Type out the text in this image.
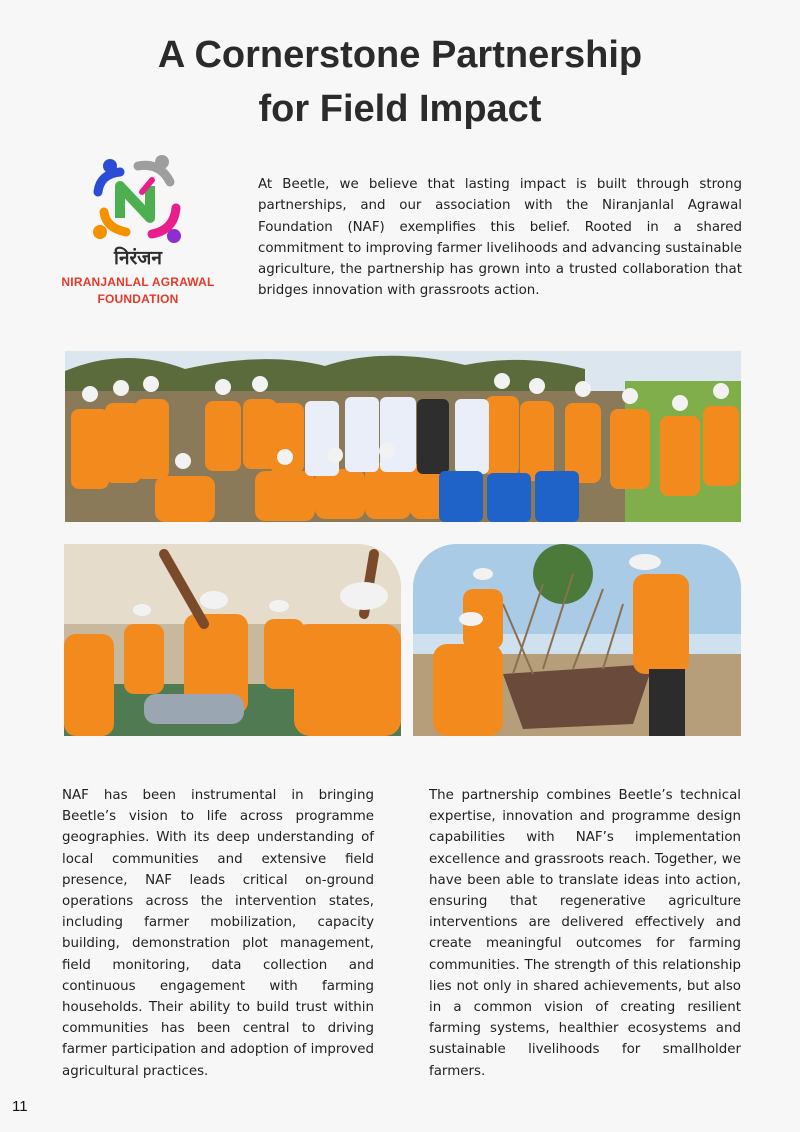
A Cornerstone Partnership
for Field Impact
निरंजन
NIRANJANLAL AGRAWAL
FOUNDATION
At Beetle, we believe that lasting impact is built through strong partnerships, and our association with the Niranjanlal Agrawal Foundation (NAF) exemplifies this belief. Rooted in a shared commitment to improving farmer livelihoods and advancing sustainable agriculture, the partnership has grown into a trusted collaboration that bridges innovation with grassroots action.
NAF has been instrumental in bringing Beetle’s vision to life across programme geographies. With its deep understanding of local communities and extensive field presence, NAF leads critical on-ground operations across the intervention states, including farmer mobilization, capacity building, demonstration plot management, field monitoring, data collection and continuous engagement with farming households. Their ability to build trust within communities has been central to driving farmer participation and adoption of improved agricultural practices.
The partnership combines Beetle’s technical expertise, innovation and programme design capabilities with NAF’s implementation excellence and grassroots reach. Together, we have been able to translate ideas into action, ensuring that regenerative agriculture interventions are delivered effectively and create meaningful outcomes for farming communities. The strength of this relationship lies not only in shared achievements, but also in a common vision of creating resilient farming systems, healthier ecosystems and sustainable livelihoods for smallholder farmers.
11
